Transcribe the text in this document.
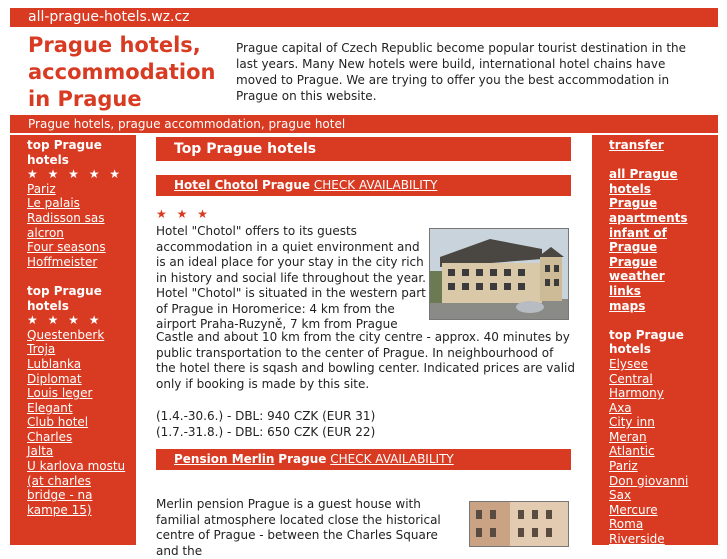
all-prague-hotels.wz.cz
Prague hotels,
accommodation
in Prague

Prague capital of Czech Republic become popular tourist destination in the last years. Many New hotels were build, international hotel chains have moved to Prague. We are trying to offer you the best accommodation in Prague on this website.

Prague hotels, prague accommodation, prague hotel
top Prague hotels
★ ★ ★ ★ ★
Pariz
Le palais
Radisson sas alcron
Four seasons
Hoffmeister
top Prague hotels
★ ★ ★ ★
Questenberk
Troja
Lublanka
Diplomat
Louis leger
Elegant
Club hotel
Charles
Jalta
U karlova mostu (at charles bridge - na kampe 15)
transfer
all Prague hotels
Prague apartments
infant of Prague
Prague weather
links
maps
top Prague hotels
Elysee
Central
Harmony
Axa
City inn
Meran
Atlantic
Pariz
Don giovanni
Sax
Mercure
Roma
Riverside
Top Prague hotels
Hotel Chotol Prague CHECK AVAILABILITY
★ ★ ★
Hotel "Chotol" offers to its guests accommodation in a quiet environment and is an ideal place for your stay in the city rich in history and social life throughout the year.
Hotel "Chotol" is situated in the western part of Prague in Horomerice: 4 km from the airport Praha-Ruzyně, 7 km from Prague
Castle and about 10 km from the city centre - approx. 40 minutes by public transportation to the center of Prague. In neighbourhood of the hotel there is sqash and bowling center. Indicated prices are valid only if booking is made by this site.
(1.4.-30.6.) - DBL: 940 CZK (EUR 31)
(1.7.-31.8.) - DBL: 650 CZK (EUR 22)
Pension Merlin Prague CHECK AVAILABILITY
Merlin pension Prague is a guest house with familial atmosphere located close the historical centre of Prague - between the Charles Square and the
